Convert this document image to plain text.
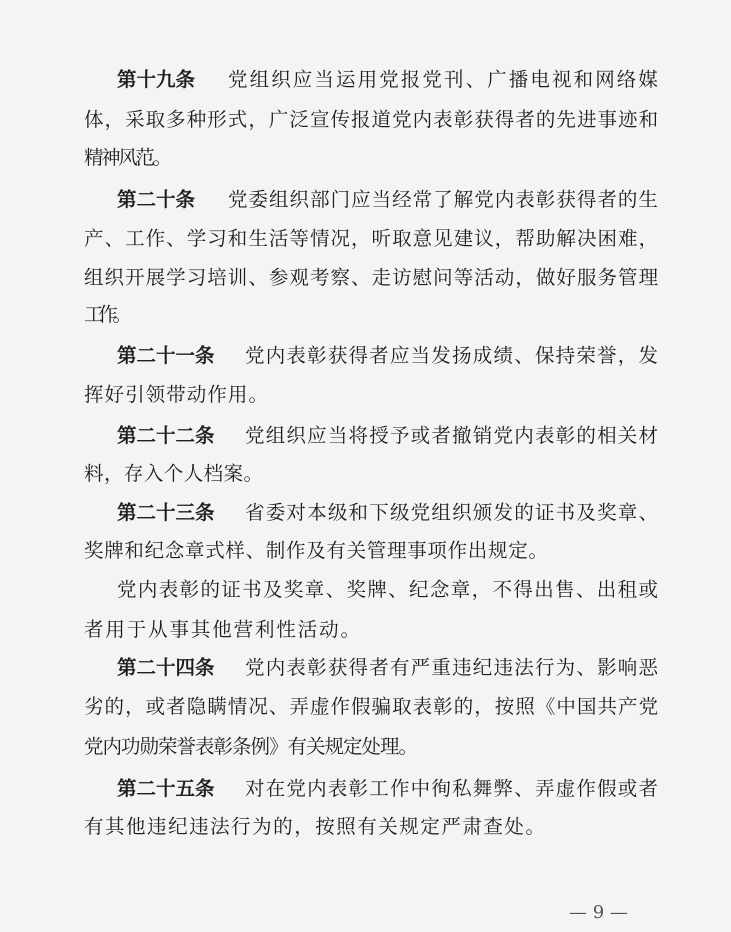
第十九条 党组织应当运用党报党刊、广播电视和网络媒
体，采取多种形式，广泛宣传报道党内表彰获得者的先进事迹和
精神风范。
第二十条 党委组织部门应当经常了解党内表彰获得者的生
产、工作、学习和生活等情况，听取意见建议，帮助解决困难，
组织开展学习培训、参观考察、走访慰问等活动，做好服务管理
工作。
第二十一条 党内表彰获得者应当发扬成绩、保持荣誉，发
挥好引领带动作用。
第二十二条 党组织应当将授予或者撤销党内表彰的相关材
料，存入个人档案。
第二十三条 省委对本级和下级党组织颁发的证书及奖章、
奖牌和纪念章式样、制作及有关管理事项作出规定。
党内表彰的证书及奖章、奖牌、纪念章，不得出售、出租或
者用于从事其他营利性活动。
第二十四条 党内表彰获得者有严重违纪违法行为、影响恶
劣的，或者隐瞒情况、弄虚作假骗取表彰的，按照《中国共产党
党内功勋荣誉表彰条例》有关规定处理。
第二十五条 对在党内表彰工作中徇私舞弊、弄虚作假或者
有其他违纪违法行为的，按照有关规定严肃查处。
— 9 —
